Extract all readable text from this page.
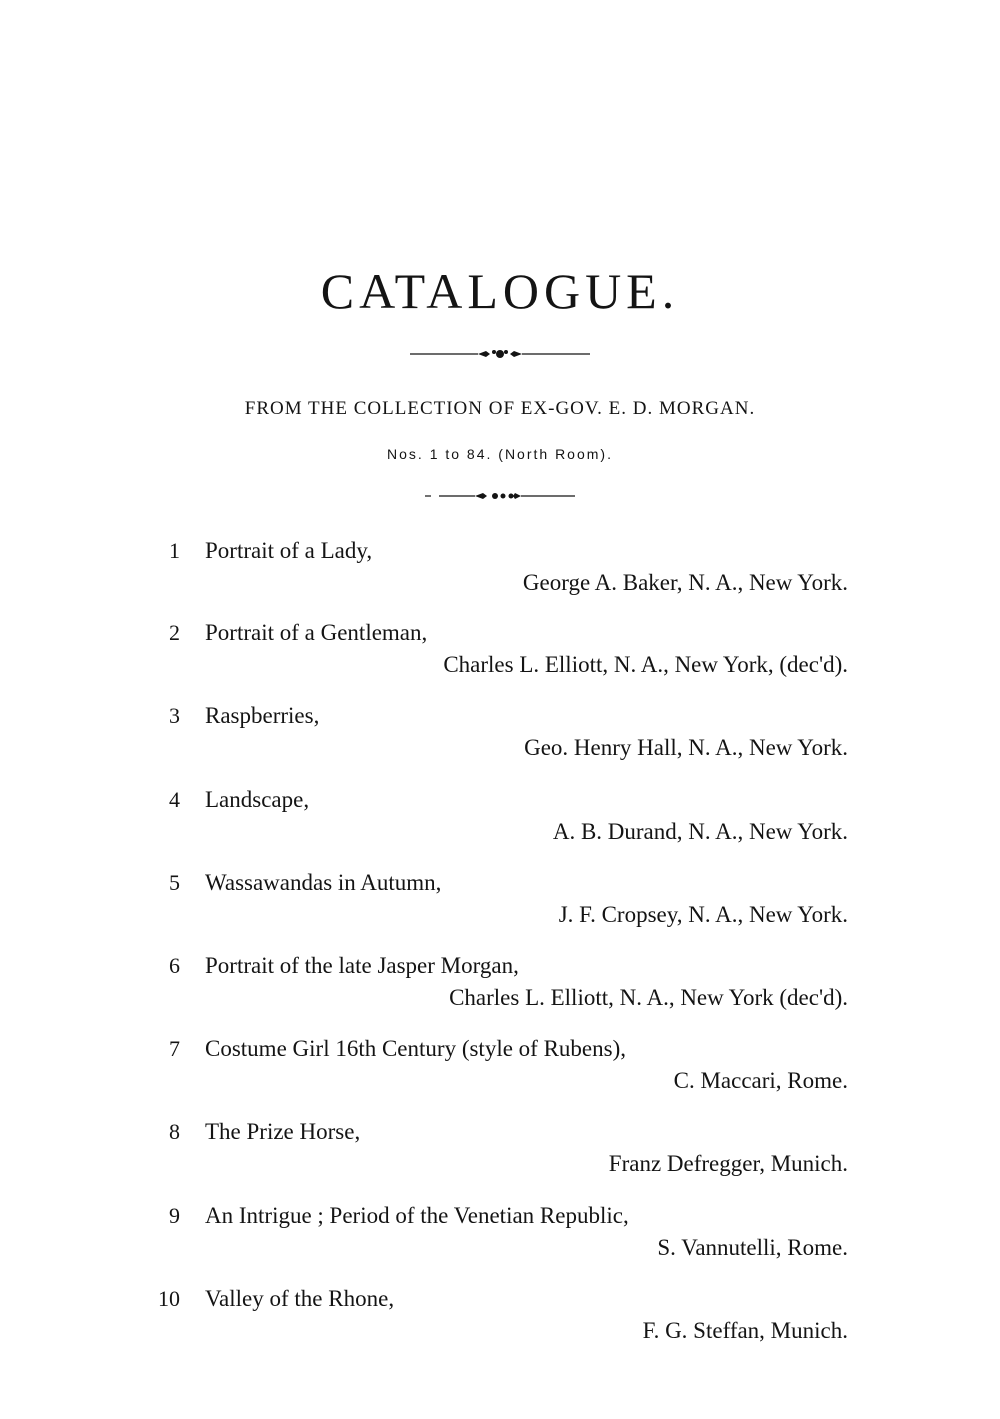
CATALOGUE.
FROM THE COLLECTION OF EX-GOV. E. D. MORGAN.
Nos. 1 to 84. (North Room).
1 Portrait of a Lady,
George A. Baker, N. A., New York.
2 Portrait of a Gentleman,
Charles L. Elliott, N. A., New York, (dec'd).
3 Raspberries,
Geo. Henry Hall, N. A., New York.
4 Landscape,
A. B. Durand, N. A., New York.
5 Wassawandas in Autumn,
J. F. Cropsey, N. A., New York.
6 Portrait of the late Jasper Morgan,
Charles L. Elliott, N. A., New York (dec'd).
7 Costume Girl 16th Century (style of Rubens),
C. Maccari, Rome.
8 The Prize Horse,
Franz Defregger, Munich.
9 An Intrigue ; Period of the Venetian Republic,
S. Vannutelli, Rome.
10 Valley of the Rhone,
F. G. Steffan, Munich.
